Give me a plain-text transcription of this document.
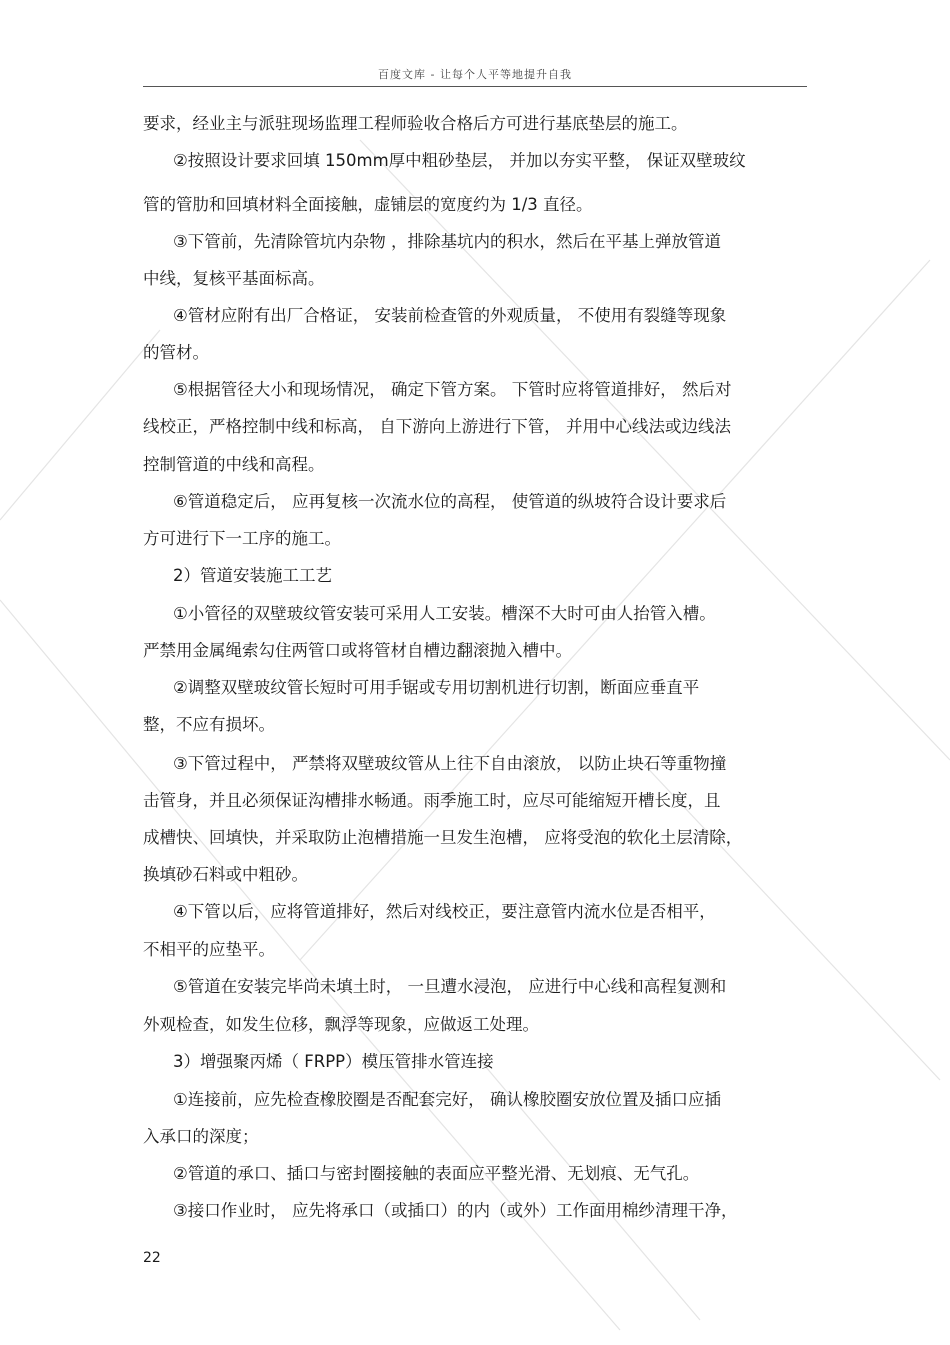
百度文库 - 让每个人平等地提升自我
要求，经业主与派驻现场监理工程师验收合格后方可进行基底垫层的施工。
②按照设计要求回填 150mm厚中粗砂垫层， 并加以夯实平整， 保证双壁玻纹
管的管肋和回填材料全面接触，虚铺层的宽度约为 1/3 直径。
③下管前，先清除管坑内杂物 ，排除基坑内的积水，然后在平基上弹放管道
中线，复核平基面标高。
④管材应附有出厂合格证， 安装前检查管的外观质量， 不使用有裂缝等现象
的管材。
⑤根据管径大小和现场情况， 确定下管方案。 下管时应将管道排好， 然后对
线校正，严格控制中线和标高， 自下游向上游进行下管， 并用中心线法或边线法
控制管道的中线和高程。
⑥管道稳定后， 应再复核一次流水位的高程， 使管道的纵坡符合设计要求后
方可进行下一工序的施工。
2）管道安装施工工艺
①小管径的双壁玻纹管安装可采用人工安装。槽深不大时可由人抬管入槽。
严禁用金属绳索勾住两管口或将管材自槽边翻滚抛入槽中。
②调整双壁玻纹管长短时可用手锯或专用切割机进行切割，断面应垂直平
整，不应有损坏。
③下管过程中， 严禁将双壁玻纹管从上往下自由滚放， 以防止块石等重物撞
击管身，并且必须保证沟槽排水畅通。雨季施工时，应尽可能缩短开槽长度，且
成槽快、回填快，并采取防止泡槽措施一旦发生泡槽， 应将受泡的软化土层清除，
换填砂石料或中粗砂。
④下管以后，应将管道排好，然后对线校正，要注意管内流水位是否相平，
不相平的应垫平。
⑤管道在安装完毕尚未填土时， 一旦遭水浸泡， 应进行中心线和高程复测和
外观检查，如发生位移，飘浮等现象，应做返工处理。
3）增强聚丙烯（ FRPP）模压管排水管连接
①连接前，应先检查橡胶圈是否配套完好， 确认橡胶圈安放位置及插口应插
入承口的深度；
②管道的承口、插口与密封圈接触的表面应平整光滑、无划痕、无气孔。
③接口作业时， 应先将承口（或插口）的内（或外）工作面用棉纱清理干净，
22
